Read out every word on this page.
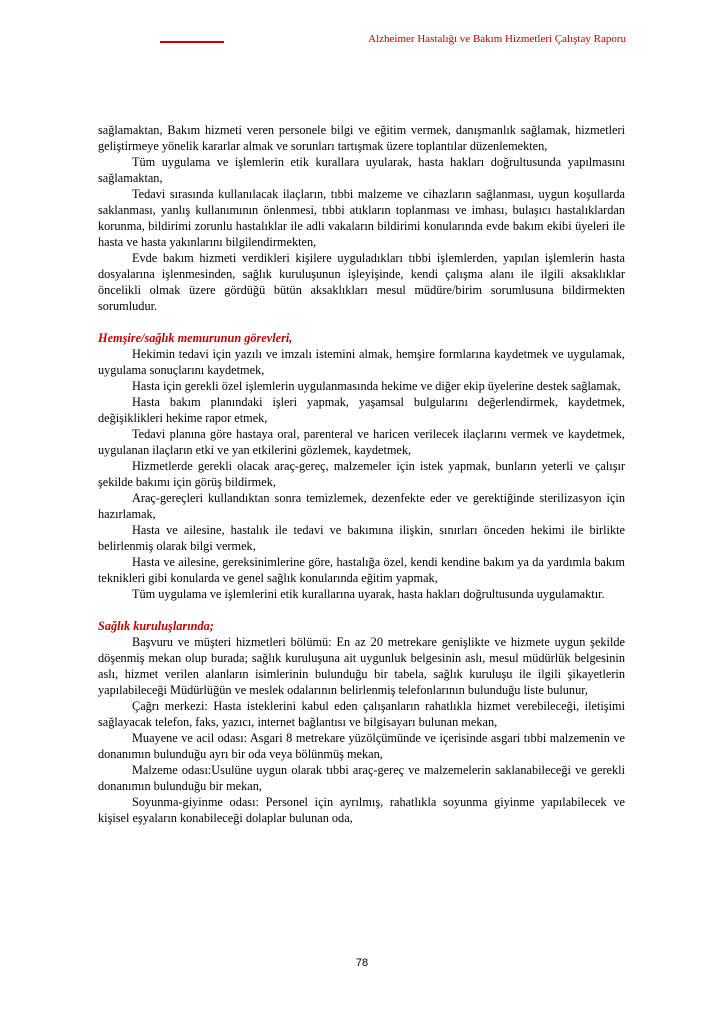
Alzheimer Hastalığı ve Bakım Hizmetleri Çalıştay Raporu

sağlamaktan, Bakım hizmeti veren personele bilgi ve eğitim vermek, danışmanlık sağlamak, hizmetleri geliştirmeye yönelik kararlar almak ve sorunları tartışmak üzere toplantılar düzenlemekten,

Tüm uygulama ve işlemlerin etik kurallara uyularak, hasta hakları doğrultusunda yapılmasını sağlamaktan,

Tedavi sırasında kullanılacak ilaçların, tıbbi malzeme ve cihazların sağlanması, uygun koşullarda saklanması, yanlış kullanımının önlenmesi, tıbbi atıkların toplanması ve imhası, bulaşıcı hastalıklardan korunma, bildirimi zorunlu hastalıklar ile adli vakaların bildirimi konularında evde bakım ekibi üyeleri ile hasta ve hasta yakınlarını bilgilendirmekten,

Evde bakım hizmeti verdikleri kişilere uyguladıkları tıbbi işlemlerden, yapılan işlemlerin hasta dosyalarına işlenmesinden, sağlık kuruluşunun işleyişinde, kendi çalışma alanı ile ilgili aksaklıklar öncelikli olmak üzere gördüğü bütün aksaklıkları mesul müdüre/birim sorumlusuna bildirmekten sorumludur.

Hemşire/sağlık memurunun görevleri,

Hekimin tedavi için yazılı ve imzalı istemini almak, hemşire formlarına kaydetmek ve uygulamak, uygulama sonuçlarını kaydetmek,

Hasta için gerekli özel işlemlerin uygulanmasında hekime ve diğer ekip üyelerine destek sağlamak,

Hasta bakım planındaki işleri yapmak, yaşamsal bulgularını değerlendirmek, kaydetmek, değişiklikleri hekime rapor etmek,

Tedavi planına göre hastaya oral, parenteral ve haricen verilecek ilaçlarını vermek ve kaydetmek, uygulanan ilaçların etki ve yan etkilerini gözlemek, kaydetmek,

Hizmetlerde gerekli olacak araç-gereç, malzemeler için istek yapmak, bunların yeterli ve çalışır şekilde bakımı için görüş bildirmek,

Araç-gereçleri kullandıktan sonra temizlemek, dezenfekte eder ve gerektiğinde sterilizasyon için hazırlamak,

Hasta ve ailesine, hastalık ile tedavi ve bakımına ilişkin, sınırları önceden hekimi ile birlikte belirlenmiş olarak bilgi vermek,

Hasta ve ailesine, gereksinimlerine göre, hastalığa özel, kendi kendine bakım ya da yardımla bakım teknikleri gibi konularda ve genel sağlık konularında eğitim yapmak,

Tüm uygulama ve işlemlerini etik kurallarına uyarak, hasta hakları doğrultusunda uygulamaktır.

Sağlık kuruluşlarında;

Başvuru ve müşteri hizmetleri bölümü: En az 20 metrekare genişlikte ve hizmete uygun şekilde döşenmiş mekan olup burada; sağlık kuruluşuna ait uygunluk belgesinin aslı, mesul müdürlük belgesinin aslı, hizmet verilen alanların isimlerinin bulunduğu bir tabela, sağlık kuruluşu ile ilgili şikayetlerin yapılabileceği Müdürlüğün ve meslek odalarının belirlenmiş telefonlarının bulunduğu liste bulunur,

Çağrı merkezi: Hasta isteklerini kabul eden çalışanların rahatlıkla hizmet verebileceği, iletişimi sağlayacak telefon, faks, yazıcı, internet bağlantısı ve bilgisayarı bulunan mekan,

Muayene ve acil odası: Asgari 8 metrekare yüzölçümünde ve içerisinde asgari tıbbi malzemenin ve donanımın bulunduğu ayrı bir oda veya bölünmüş mekan,

Malzeme odası:Usulüne uygun olarak tıbbi araç-gereç ve malzemelerin saklanabileceği ve gerekli donanımın bulunduğu bir mekan,

Soyunma-giyinme odası: Personel için ayrılmış, rahatlıkla soyunma giyinme yapılabilecek ve kişisel eşyaların konabileceği dolaplar bulunan oda,

78
